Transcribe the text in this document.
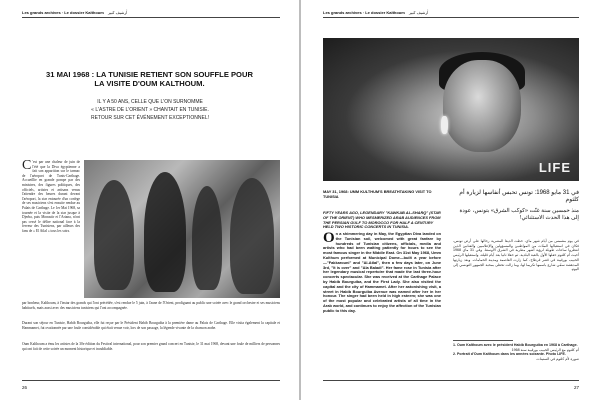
Les grands archives · Le dossier Kalthoum أرشيف كبير
31 MAI 1968 : LA TUNISIE RETIENT SON SOUFFLE POUR LA VISITE D'OUM KALTHOUM.
IL Y A 50 ANS, CELLE QUE L'ON SURNOMME
« L'ASTRE DE L'ORIENT » CHANTAIT EN TUNISIE.
RETOUR SUR CET ÉVÉNEMENT EXCEPTIONNEL!
C 'est par une chaleur de juin de l'été que la Diva égyptienne a fait son apparition sur le tarmac de l'aéroport de Tunis-Carthage. Accueillie en grande pompe par des ministres, des figures politiques, des officiels, artistes et artisans venus l'attendre des heures durant devant l'aéroport, la star entourée d'un cortège de ses musiciens s'est ensuite rendue au Palais de Carthage. Le 1er Mai 1968, sa tournée et la visite de la star jusque à Djerba, puis Monastir et l'Ariana, n'ont pas cessé le délire national face à la ferveur des Tunisiens, par ailleurs des fans de « El Atlal » tous les soirs.
par bonheur, Kalthoum, à l'instar des grands qui l'ont précédée, s'est rendue le 5 juin, à l'aune de l'Orient, prodiguant au public une soirée avec le grand orchestre et ses musiciens habituels, mais aussi avec des musiciens tunisiens qui l'ont accompagnée.
Durant son séjour en Tunisie, Habib Bourguiba, elle fut reçue par le Président Habib Bourguiba à la première dame au Palais de Carthage. Elle visita également la capitale et Hammamet, fut ovationnée par une foule considérable qui était venue voir, lors de son passage, la légende vivante de la chanson arabe.
Oum Kalthoum a ému les artistes de la 30e édition du Festival international, pour son premier grand concert en Tunisie, le 31 mai 1968, devant une foule de milliers de personnes qui ont fait de cette soirée un moment historique et inoubliable.
26
Les grands archives · Le dossier Kalthoum أرشيف كبير
LIFE
MAY 31, 1968: UMM KULTHUM'S BREATHTAKING VISIT TO TUNISIA
FIFTY YEARS AGO, LEGENDARY "KAWKAB AL-SHARQ" (STAR OF THE ORIENT) WHO MESMERIZED ARAB AUDIENCES FROM THE PERSIAN GULF TO MOROCCO FOR HALF A CENTURY HELD TWO HISTORIC CONCERTS IN TUNISIA.
On a shimmering day in May, the Egyptian Diva landed on the Tunisian soil, welcomed with great fanfare by hundreds of Tunisian citizens, officials, media and artists who had been waiting patiently for hours to see the most famous singer in the Middle East. On 31st May 1968, Umm Kulthum performed at Municipal Dome—built a year before—"Fakkarouni" and "Al-Atlal", then a few days later, on June 3rd, "It is over" and "Ala Baladi". Her fame rose in Tunisia after her legendary musical repertoire that made the last three-hour concerts spectacular. She was received at the Carthage Palace by Habib Bourguiba, and the First Lady. She also visited the capital and the city of Hammamet. After her astonishing visit, a street in Habib Bourguiba Avenue was named after her in her honour. The singer had been held in high esteem; she was one of the most popular and celebrated artists of all time in the Arab world, and continues to enjoy the affection of the Tunisian public to this day.
في 31 مايو 1968: تونس تحبس أنفاسها لزيارة أم كلثوم
منذ خمسين سنة غنّت «كوكب الشرق» بتونس، عودة إلى هذا الحدث الاستثنائي!
في يوم مشمس من أيام شهر ماي، حطت الديفا المصرية رحالها على أرض تونس، فكان في استقبالها المئات من المواطنين والمسؤولين والإعلاميين والفنانين الذين انتظروا ساعات طويلة لرؤية أشهر مطربة في الشرق الأوسط. وفي 31 ماي 1968 أحيت أم كلثوم حفلها الأول بالقبة البلدية، ثم حفلا ثانيا بعد أيام قليلة، واستقبلها الرئيس الحبيب بورقيبة في قصر قرطاج، كما زارت العاصمة ومدينة الحمامات. وبعد زيارتها المدهشة سمّي شارع باسمها تكريما لها، وما زالت تحظى بمحبة الجمهور التونسي إلى اليوم.
1. Oum Kalthoum avec le président Habib Bourguiba en 1968 à Carthage.
أم كلثوم مع الرئيس الحبيب بورقيبة سنة 1968
2. Portrait d'Oum Kalthoum dans les années soixante. Photo LIFE.
صورة لأم كلثوم في الستينات
27
